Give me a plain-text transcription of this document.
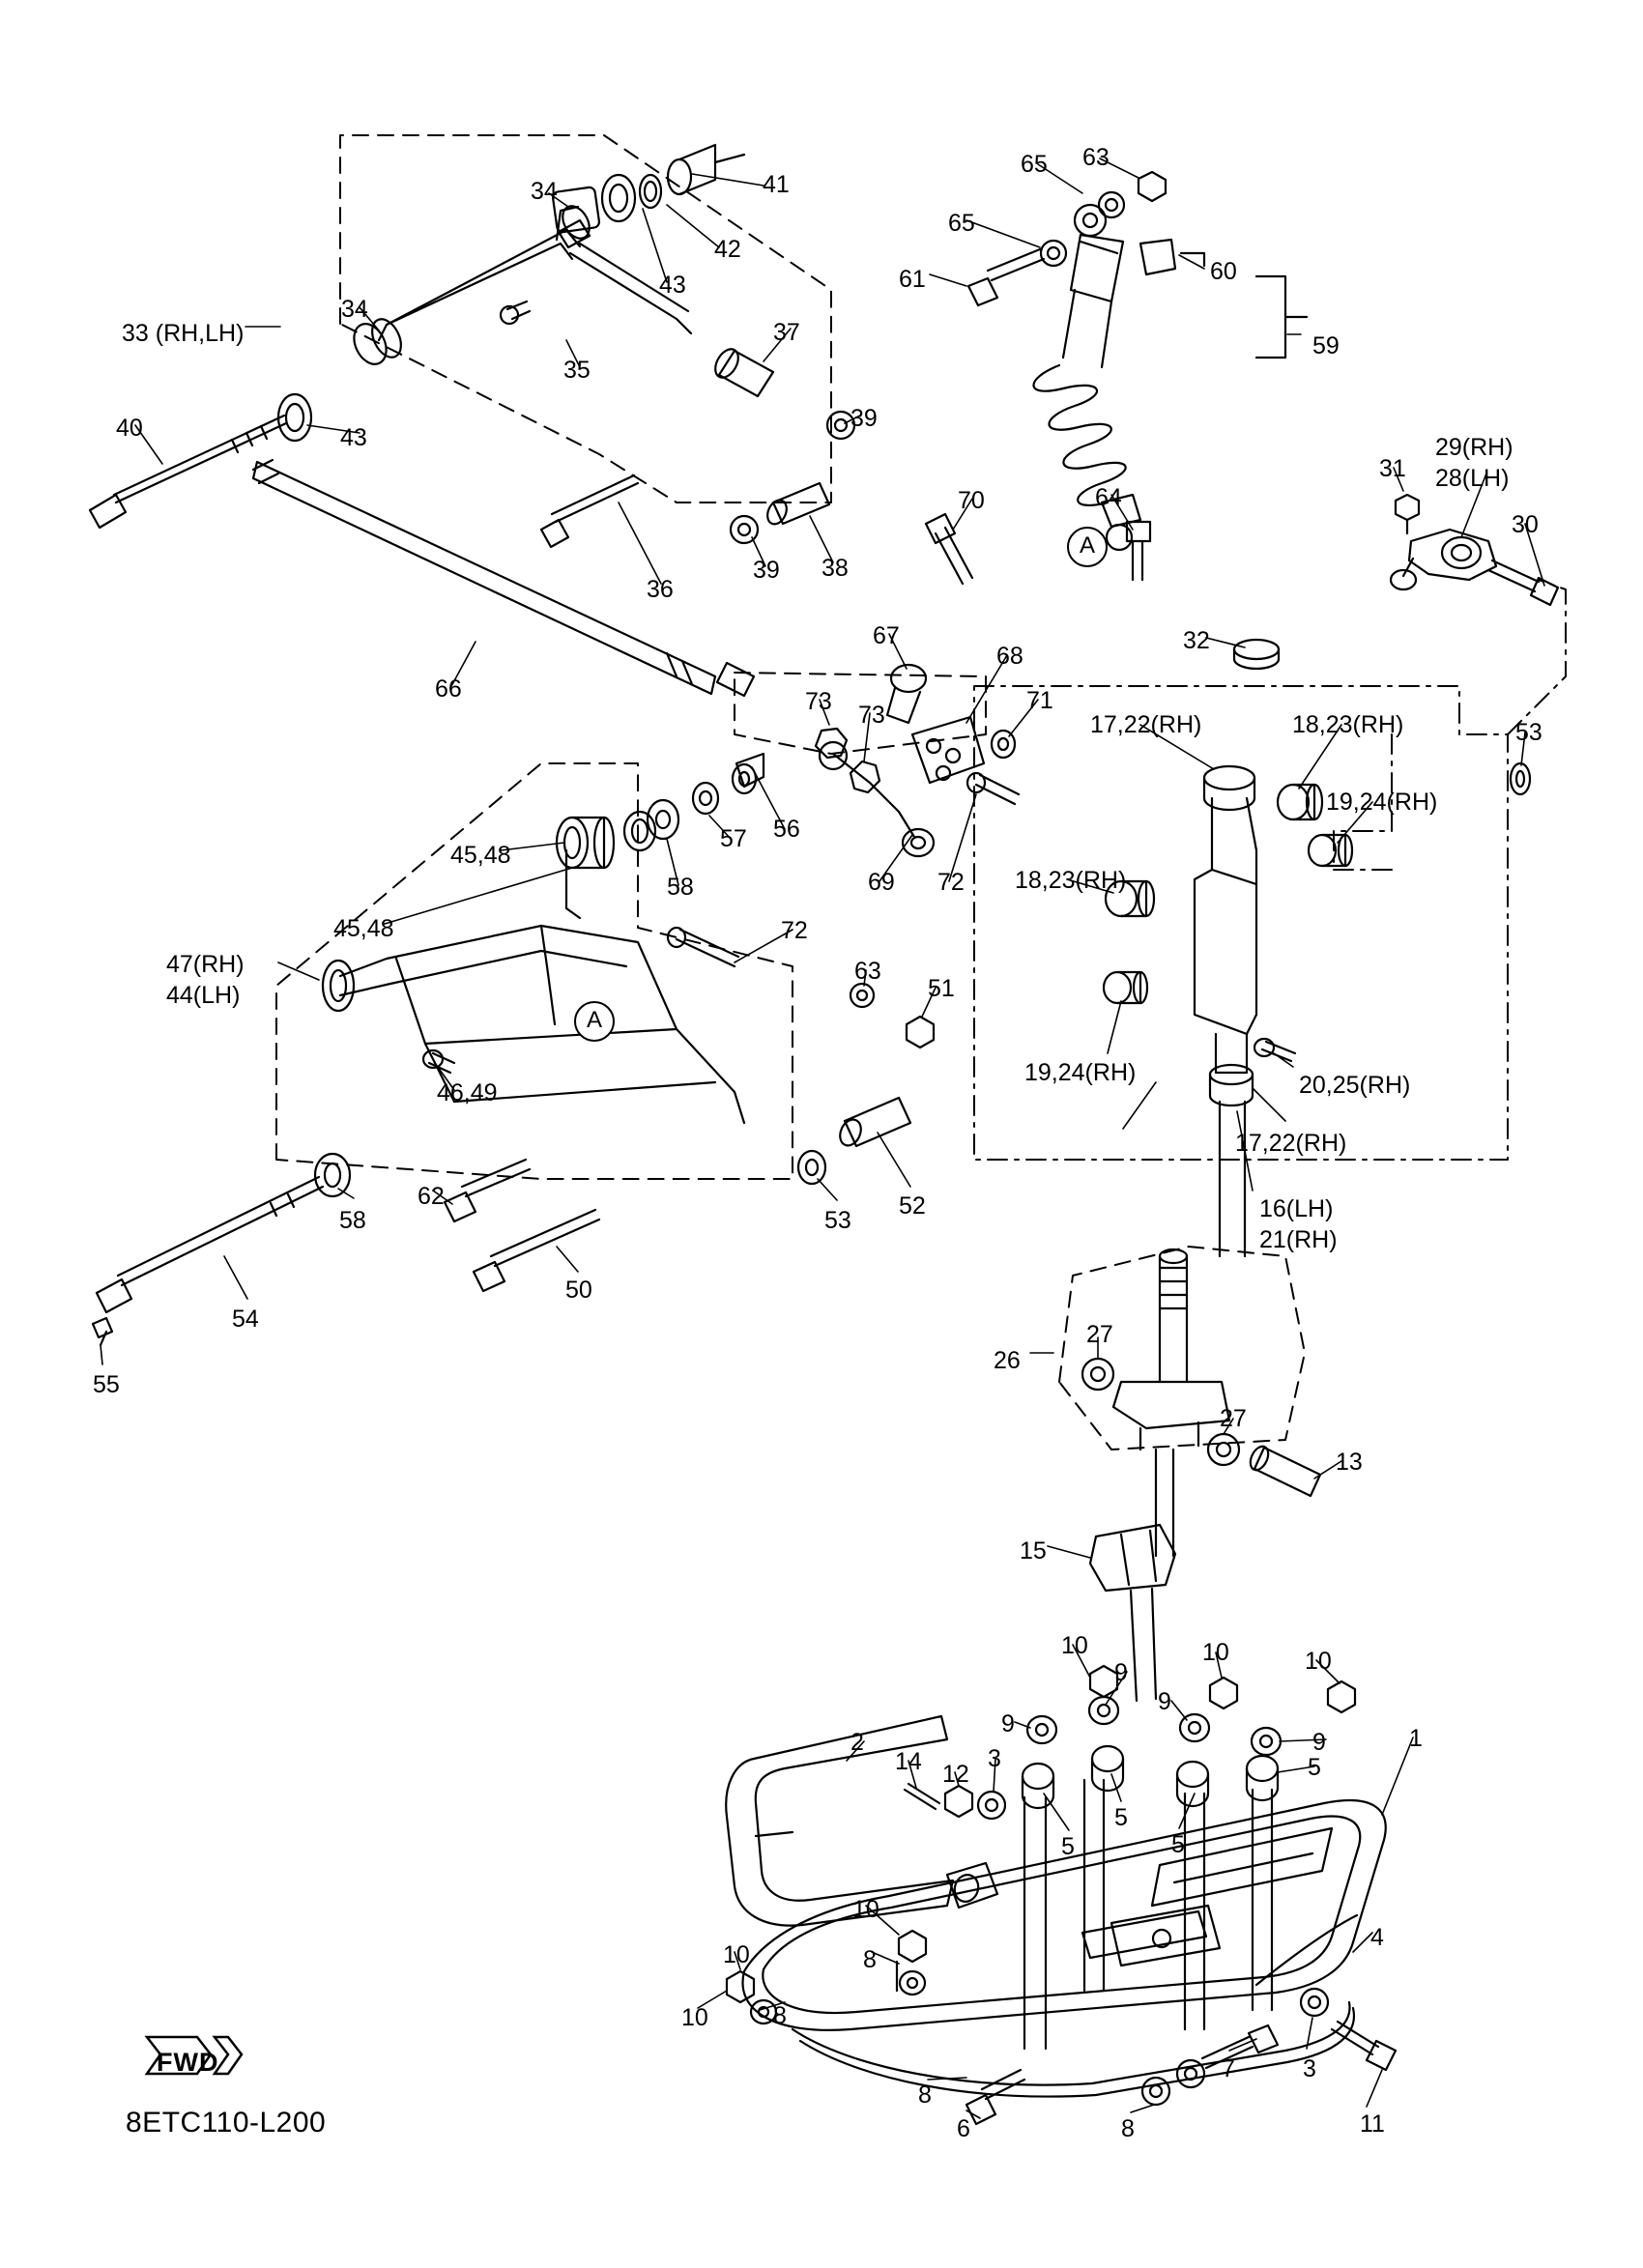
34	41
42
43
65 63
65
61	60
59
34
33 (RH,LH)
35
37
39
40	43
36
39 38
70	64
31
29(RH)
28(LH)
30
32
67
68
71
73 73	17,22(RH)	18,23(RH)	53
19,24(RH)
66
45,48
57 56
58	69 72 18,23(RH)
45,48
47(RH)
44(LH)
72
63
51
19,24(RH)	20,25(RH)
17,22(RH)
16(LH)
21(RH)
46,49
62
58	53
52
50
54
55
26
27
27
13
15
10
9
10	10
9
9
9	1
14 12
3
2
5
5
5
5
10
8
10
10	8
4
3
11
7
8
6
8
A
A
FWD
8ETC110-L200
